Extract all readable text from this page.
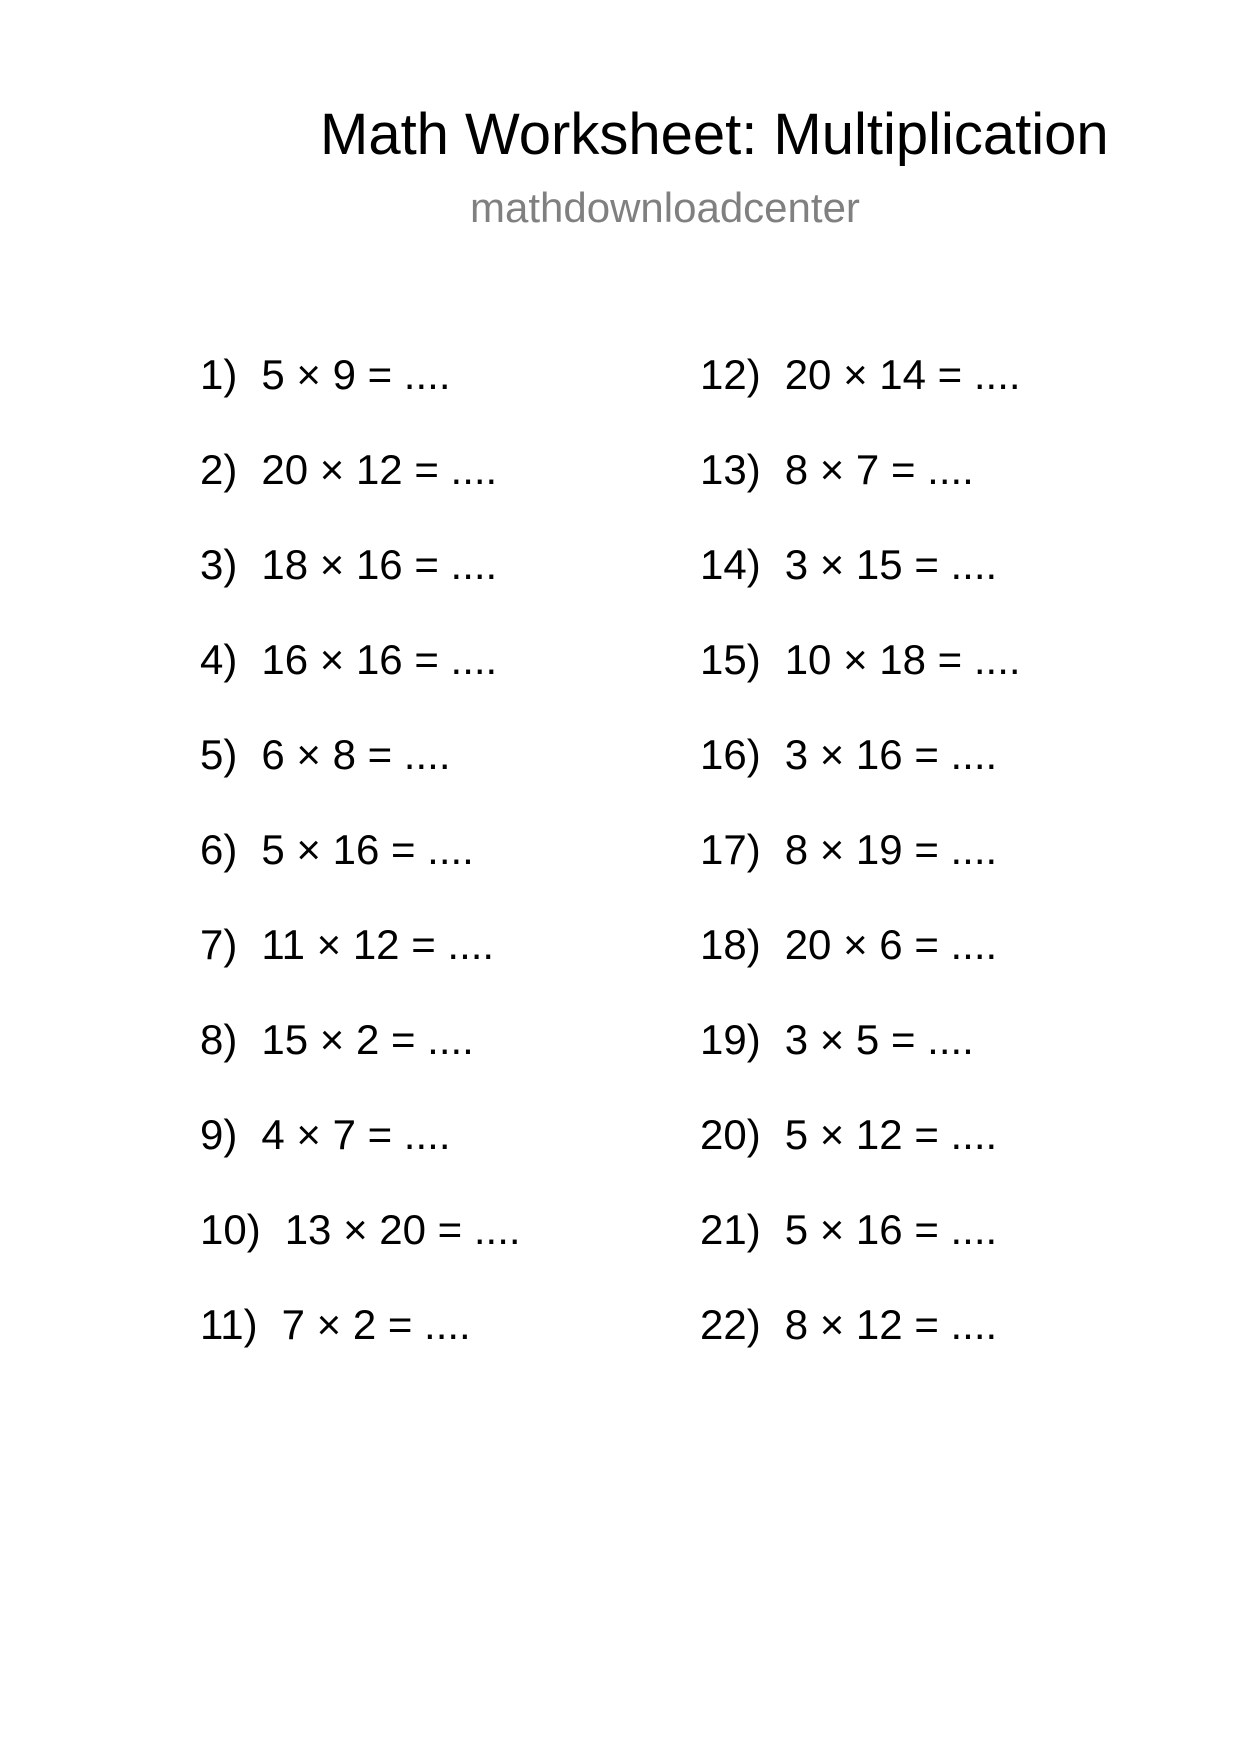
Math Worksheet: Multiplication
mathdownloadcenter
1) 5 × 9 = ....
2) 20 × 12 = ....
3) 18 × 16 = ....
4) 16 × 16 = ....
5) 6 × 8 = ....
6) 5 × 16 = ....
7) 11 × 12 = ....
8) 15 × 2 = ....
9) 4 × 7 = ....
10) 13 × 20 = ....
11) 7 × 2 = ....
12) 20 × 14 = ....
13) 8 × 7 = ....
14) 3 × 15 = ....
15) 10 × 18 = ....
16) 3 × 16 = ....
17) 8 × 19 = ....
18) 20 × 6 = ....
19) 3 × 5 = ....
20) 5 × 12 = ....
21) 5 × 16 = ....
22) 8 × 12 = ....
